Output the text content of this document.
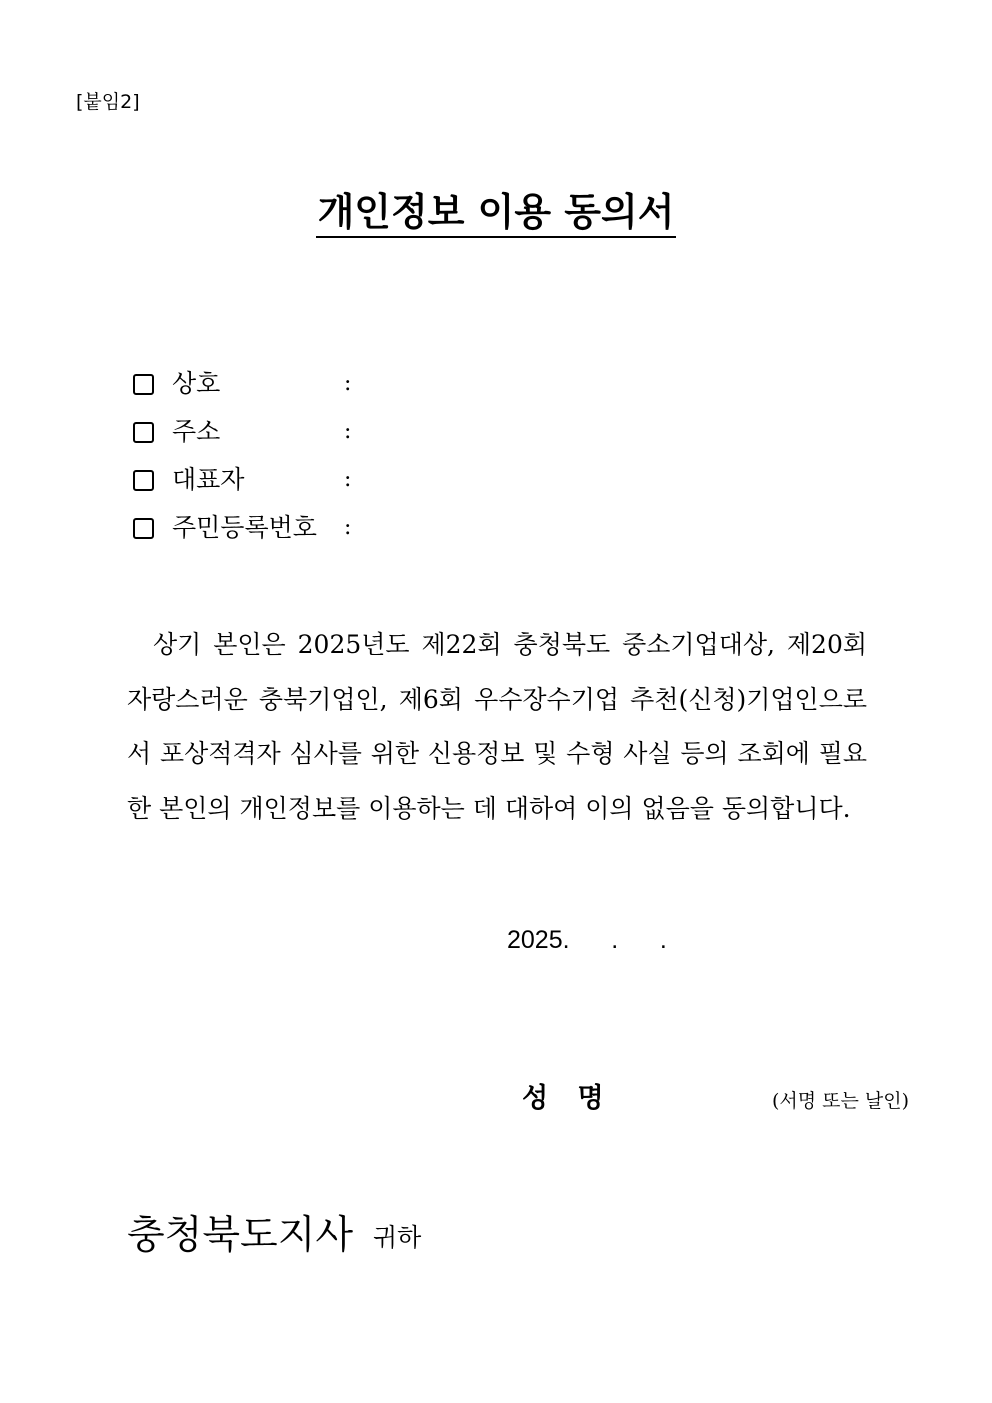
[붙임2]
개인정보 이용 동의서
상호	:
주소	:
대표자	:
주민등록번호	:

상기 본인은 2025년도 제22회 충청북도 중소기업대상, 제20회 자랑스러운 충북기업인, 제6회 우수장수기업 추천(신청)기업인으로서 포상적격자 심사를 위한 신용정보 및 수형 사실 등의 조회에 필요한 본인의 개인정보를 이용하는 데 대하여 이의 없음을 동의합니다.

2025.      .      .
성 명	(서명 또는 날인)
충청북도지사 귀하
